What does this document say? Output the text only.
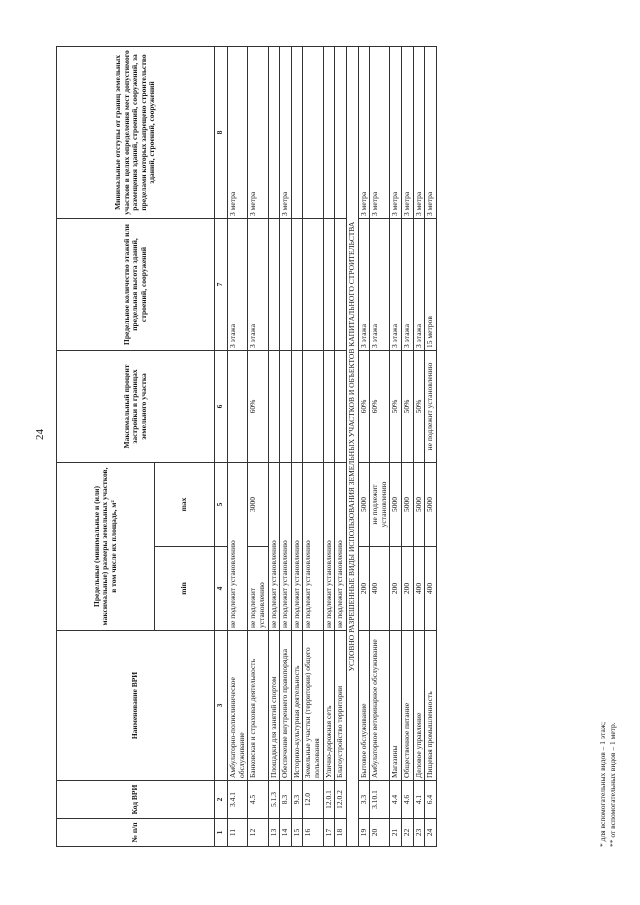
24
№ п/п	Код ВРИ	Наименование ВРИ	Предельные (минимальные и (или) максимальные) размеры земельных участков, в том числе их площадь, м²		Максимальный процент застройки в границах земельного участка	Предельное количество этажей или предельная высота зданий, строений, сооружений	Минимальные отступы от границ земельных участков в целях определения мест допустимого размещения зданий, строений, сооружений, за пределами которых запрещено строительство зданий, строений, сооружений
			min	max			
1	2	3	4	5	6	7	8
11	3.4.1	Амбулаторно-поликлиническое обслуживание	не подлежит установлению			3 этажа	3 метра
12	4.5	Банковская и страховая деятельность	не подлежит установлению	3000	60%	3 этажа	3 метра
13	5.1.3	Площадки для занятий спортом	не подлежит установлению				
14	8.3	Обеспечение внутреннего правопорядка	не подлежит установлению				3 метра
15	9.3	Историко-культурная деятельность	не подлежит установлению				
16	12.0	Земельные участки (территории) общего пользования	не подлежит установлению				
17	12.0.1	Улично-дорожная сеть	не подлежит установлению				
18	12.0.2	Благоустройство территории	не подлежит установлению				
УСЛОВНО РАЗРЕШЕННЫЕ ВИДЫ ИСПОЛЬЗОВАНИЯ ЗЕМЕЛЬНЫХ УЧАСТКОВ И ОБЪЕКТОВ КАПИТАЛЬНОГО СТРОИТЕЛЬСТВА							
19	3.3	Бытовое обслуживание	200	5000	60%	3 этажа	3 метра
20	3.10.1	Амбулаторное ветеринарное обслуживание	400	не подлежит установлению	60%	3 этажа	3 метра
21	4.4	Магазины	200	5000	50%	3 этажа	3 метра
22	4.6	Общественное питание	200	5000	50%	3 этажа	3 метра
23	4.1	Деловое управление	400	5000	50%	3 этажа	3 метра
24	6.4	Пищевая промышленность	400	5000	не подлежит установлению	15 метров	3 метра
* для вспомогательных видов – 1 этаж; ** от вспомогательных видов – 1 метр.
